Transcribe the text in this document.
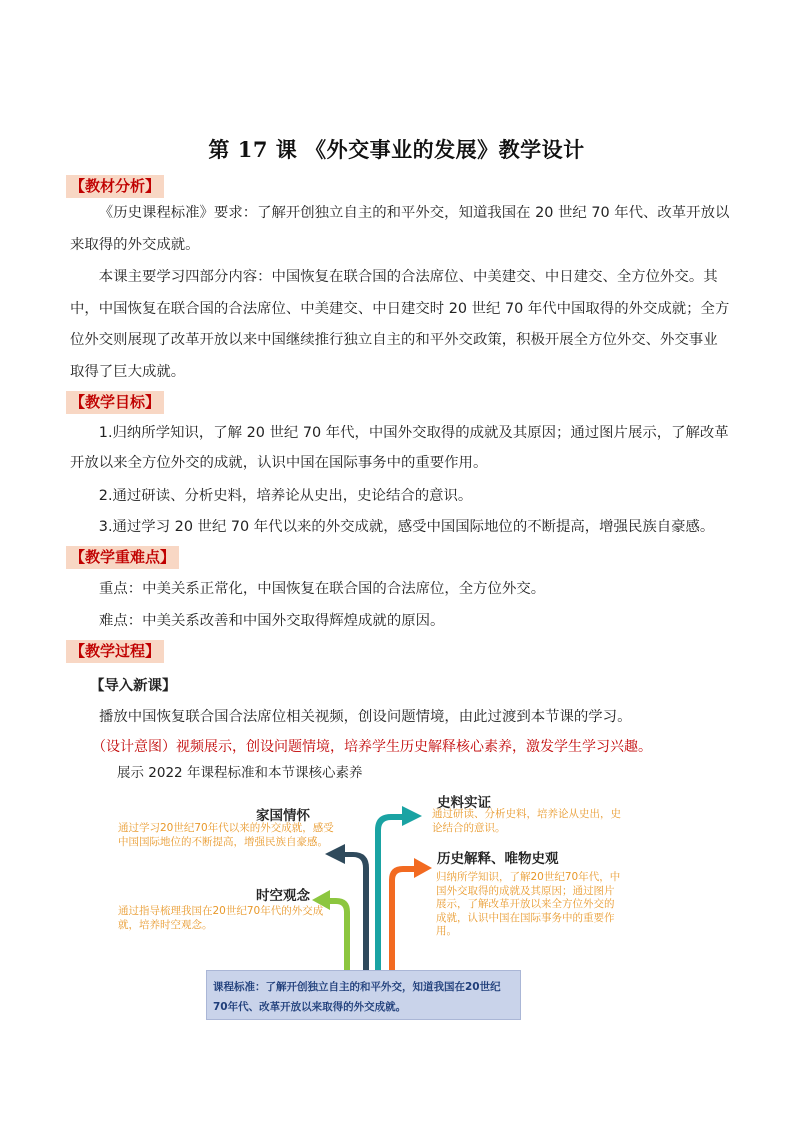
第 17 课 《外交事业的发展》教学设计
【教材分析】
《历史课程标准》要求：了解开创独立自主的和平外交，知道我国在 20 世纪 70 年代、改革开放以来取得的外交成就。
本课主要学习四部分内容：中国恢复在联合国的合法席位、中美建交、中日建交、全方位外交。其中，中国恢复在联合国的合法席位、中美建交、中日建交时 20 世纪 70 年代中国取得的外交成就；全方位外交则展现了改革开放以来中国继续推行独立自主的和平外交政策，积极开展全方位外交、外交事业取得了巨大成就。
【教学目标】
1.归纳所学知识，了解 20 世纪 70 年代，中国外交取得的成就及其原因；通过图片展示，了解改革开放以来全方位外交的成就，认识中国在国际事务中的重要作用。
2.通过研读、分析史料，培养论从史出，史论结合的意识。
3.通过学习 20 世纪 70 年代以来的外交成就，感受中国国际地位的不断提高，增强民族自豪感。
【教学重难点】
重点：中美关系正常化，中国恢复在联合国的合法席位，全方位外交。
难点：中美关系改善和中国外交取得辉煌成就的原因。
【教学过程】
【导入新课】
播放中国恢复联合国合法席位相关视频，创设问题情境，由此过渡到本节课的学习。
（设计意图）视频展示，创设问题情境，培养学生历史解释核心素养，激发学生学习兴趣。
展示 2022 年课程标准和本节课核心素养
家国情怀
通过学习20世纪70年代以来的外交成就，感受中国国际地位的不断提高，增强民族自豪感。
时空观念
通过指导梳理我国在20世纪70年代的外交成就，培养时空观念。
史料实证
通过研读、分析史料，培养论从史出，史论结合的意识。
历史解释、唯物史观
归纳所学知识，了解20世纪70年代，中国外交取得的成就及其原因；通过图片展示，了解改革开放以来全方位外交的成就，认识中国在国际事务中的重要作用。
课程标准：了解开创独立自主的和平外交，知道我国在20世纪70年代、改革开放以来取得的外交成就。
